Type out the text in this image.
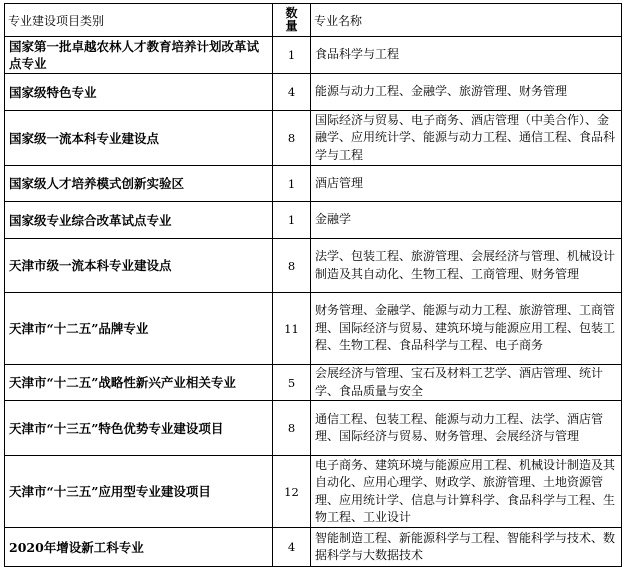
专业建设项目类别	数量	专业名称
国家第一批卓越农林人才教育培养计划改革试点专业	1	食品科学与工程
国家级特色专业	4	能源与动力工程、金融学、旅游管理、财务管理
国家级一流本科专业建设点	8	国际经济与贸易、电子商务、酒店管理（中美合作）、金融学、应用统计学、能源与动力工程、通信工程、食品科学与工程
国家级人才培养模式创新实验区	1	酒店管理
国家级专业综合改革试点专业	1	金融学
天津市级一流本科专业建设点	8	法学、包装工程、旅游管理、会展经济与管理、机械设计制造及其自动化、生物工程、工商管理、财务管理
天津市“十二五”品牌专业	11	财务管理、金融学、能源与动力工程、旅游管理、工商管理、国际经济与贸易、建筑环境与能源应用工程、包装工程、生物工程、食品科学与工程、电子商务
天津市“十二五”战略性新兴产业相关专业	5	会展经济与管理、宝石及材料工艺学、酒店管理、统计学、食品质量与安全
天津市“十三五”特色优势专业建设项目	8	通信工程、包装工程、能源与动力工程、法学、酒店管理、国际经济与贸易、财务管理、会展经济与管理
天津市“十三五”应用型专业建设项目	12	电子商务、建筑环境与能源应用工程、机械设计制造及其自动化、应用心理学、财政学、旅游管理、土地资源管理、应用统计学、信息与计算科学、食品科学与工程、生物工程、工业设计
2020年增设新工科专业	4	智能制造工程、新能源科学与工程、智能科学与技术、数据科学与大数据技术
